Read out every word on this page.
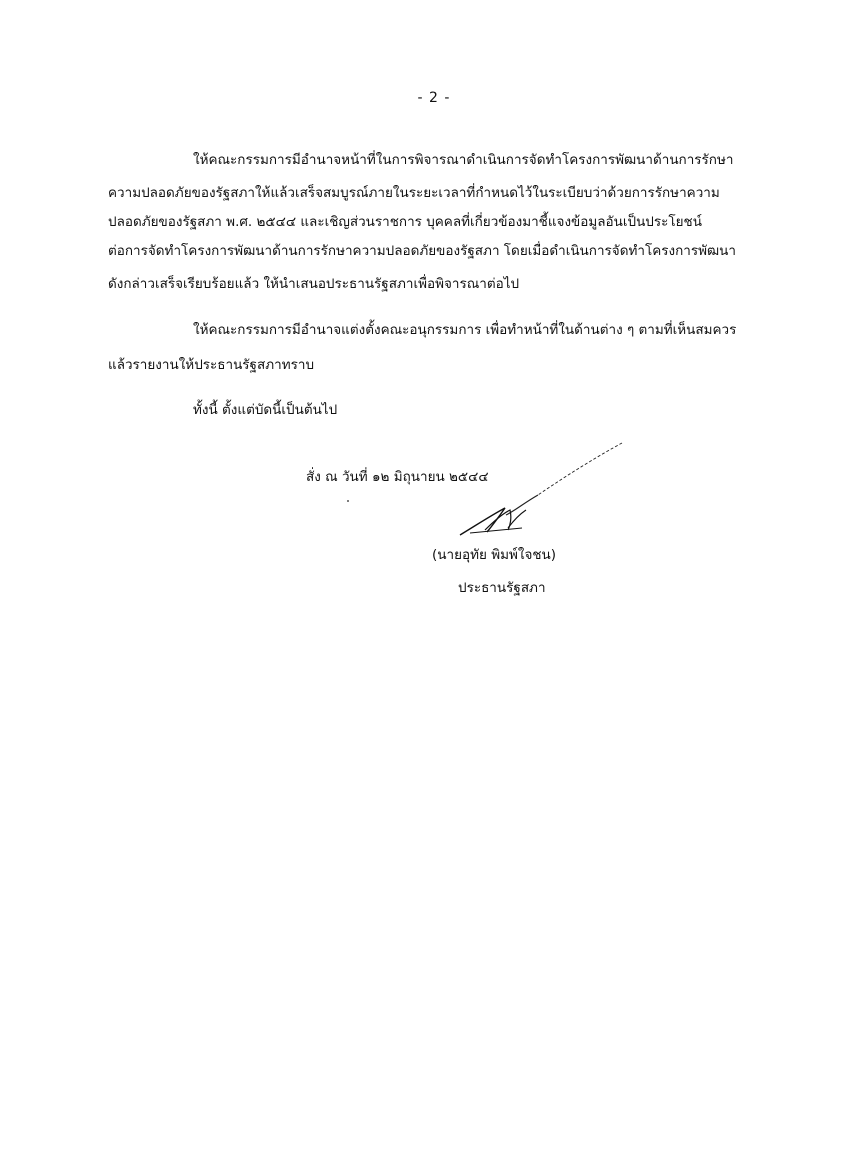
- 2 -
ให้คณะกรรมการมีอำนาจหน้าที่ในการพิจารณาดำเนินการจัดทำโครงการพัฒนาด้านการรักษา
ความปลอดภัยของรัฐสภาให้แล้วเสร็จสมบูรณ์ภายในระยะเวลาที่กำหนดไว้ในระเบียบว่าด้วยการรักษาความ
ปลอดภัยของรัฐสภา พ.ศ. ๒๕๔๔ และเชิญส่วนราชการ บุคคลที่เกี่ยวข้องมาชี้แจงข้อมูลอันเป็นประโยชน์
ต่อการจัดทำโครงการพัฒนาด้านการรักษาความปลอดภัยของรัฐสภา โดยเมื่อดำเนินการจัดทำโครงการพัฒนา
ดังกล่าวเสร็จเรียบร้อยแล้ว ให้นำเสนอประธานรัฐสภาเพื่อพิจารณาต่อไป
ให้คณะกรรมการมีอำนาจแต่งตั้งคณะอนุกรรมการ เพื่อทำหน้าที่ในด้านต่าง ๆ ตามที่เห็นสมควร
แล้วรายงานให้ประธานรัฐสภาทราบ
ทั้งนี้ ตั้งแต่บัดนี้เป็นต้นไป
สั่ง ณ วันที่ ๑๒ มิถุนายน ๒๕๔๔
(นายอุทัย พิมพ์ใจชน)
ประธานรัฐสภา
